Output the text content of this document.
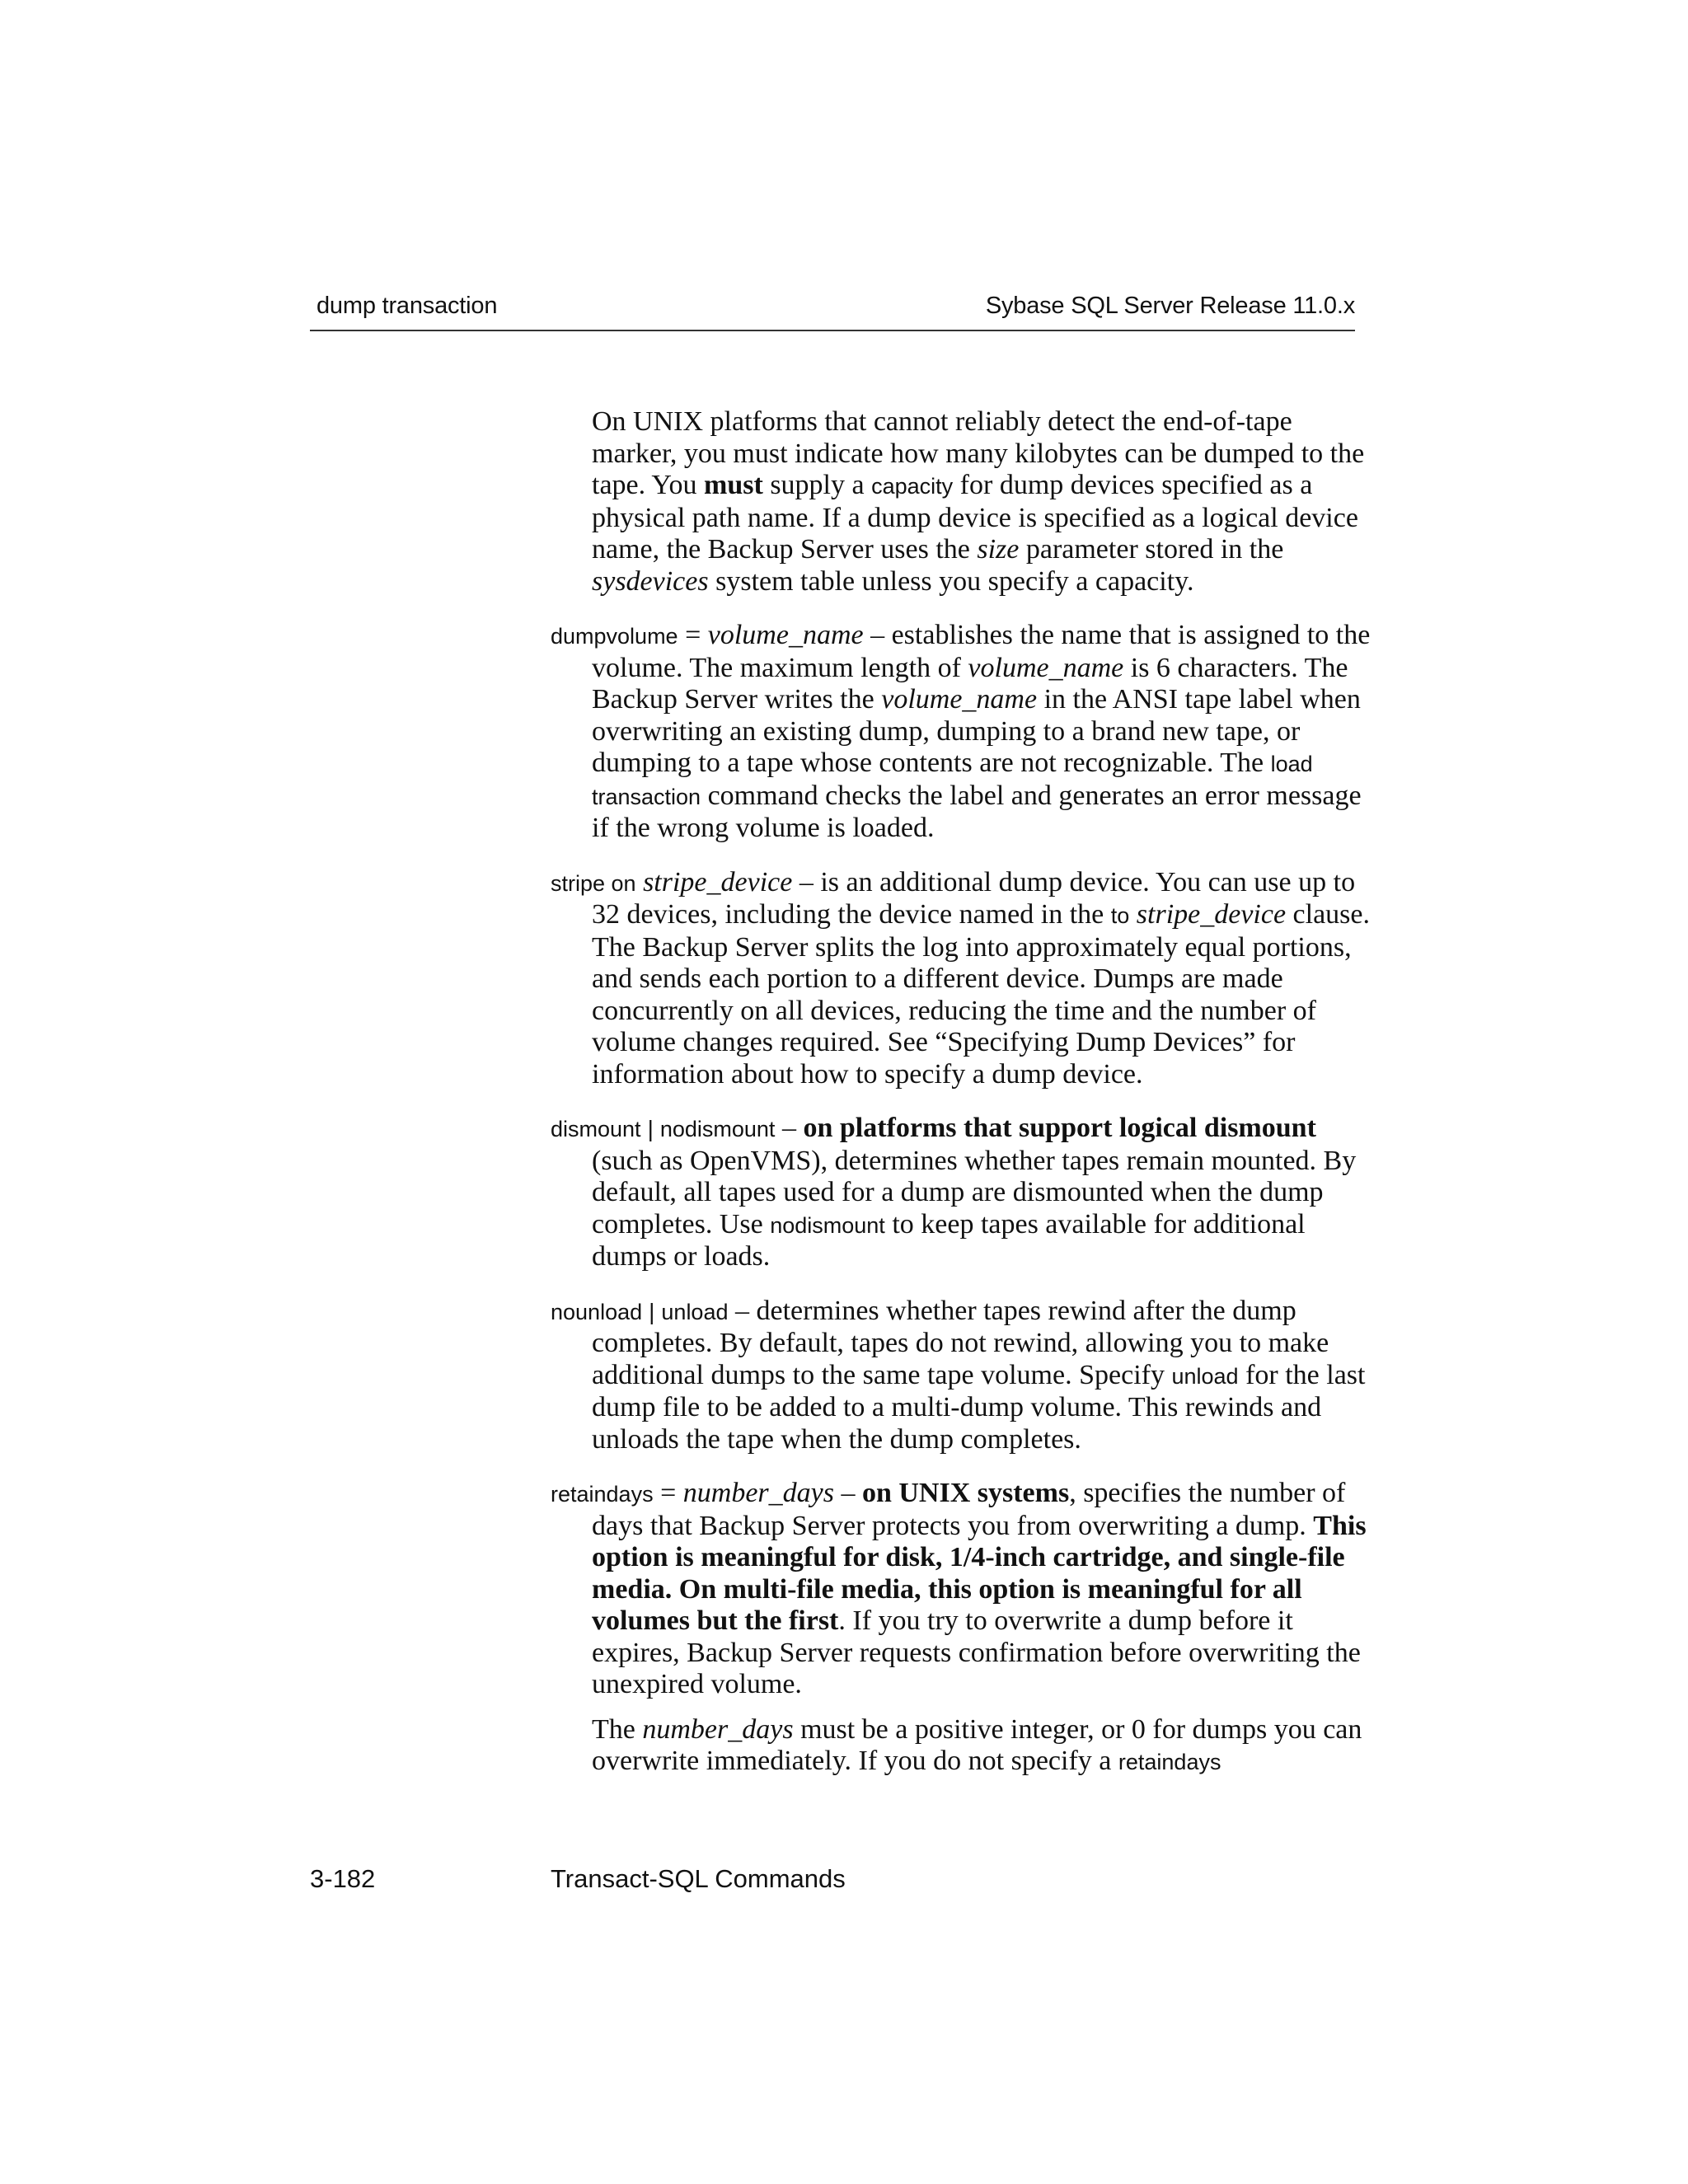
dump transaction	Sybase SQL Server Release 11.0.x

On UNIX platforms that cannot reliably detect the end-of-tape marker, you must indicate how many kilobytes can be dumped to the tape. You must supply a capacity for dump devices specified as a physical path name. If a dump device is specified as a logical device name, the Backup Server uses the size parameter stored in the sysdevices system table unless you specify a capacity.

dumpvolume = volume_name – establishes the name that is assigned to the volume. The maximum length of volume_name is 6 characters. The Backup Server writes the volume_name in the ANSI tape label when overwriting an existing dump, dumping to a brand new tape, or dumping to a tape whose contents are not recognizable. The load transaction command checks the label and generates an error message if the wrong volume is loaded.

stripe on stripe_device – is an additional dump device. You can use up to 32 devices, including the device named in the to stripe_device clause. The Backup Server splits the log into approximately equal portions, and sends each portion to a different device. Dumps are made concurrently on all devices, reducing the time and the number of volume changes required. See “Specifying Dump Devices” for information about how to specify a dump device.

dismount | nodismount – on platforms that support logical dismount (such as OpenVMS), determines whether tapes remain mounted. By default, all tapes used for a dump are dismounted when the dump completes. Use nodismount to keep tapes available for additional dumps or loads.

nounload | unload – determines whether tapes rewind after the dump completes. By default, tapes do not rewind, allowing you to make additional dumps to the same tape volume. Specify unload for the last dump file to be added to a multi-dump volume. This rewinds and unloads the tape when the dump completes.

retaindays = number_days – on UNIX systems, specifies the number of days that Backup Server protects you from overwriting a dump. This option is meaningful for disk, 1/4-inch cartridge, and single-file media. On multi-file media, this option is meaningful for all volumes but the first. If you try to overwrite a dump before it expires, Backup Server requests confirmation before overwriting the unexpired volume.

The number_days must be a positive integer, or 0 for dumps you can overwrite immediately. If you do not specify a retaindays

3-182	Transact-SQL Commands
